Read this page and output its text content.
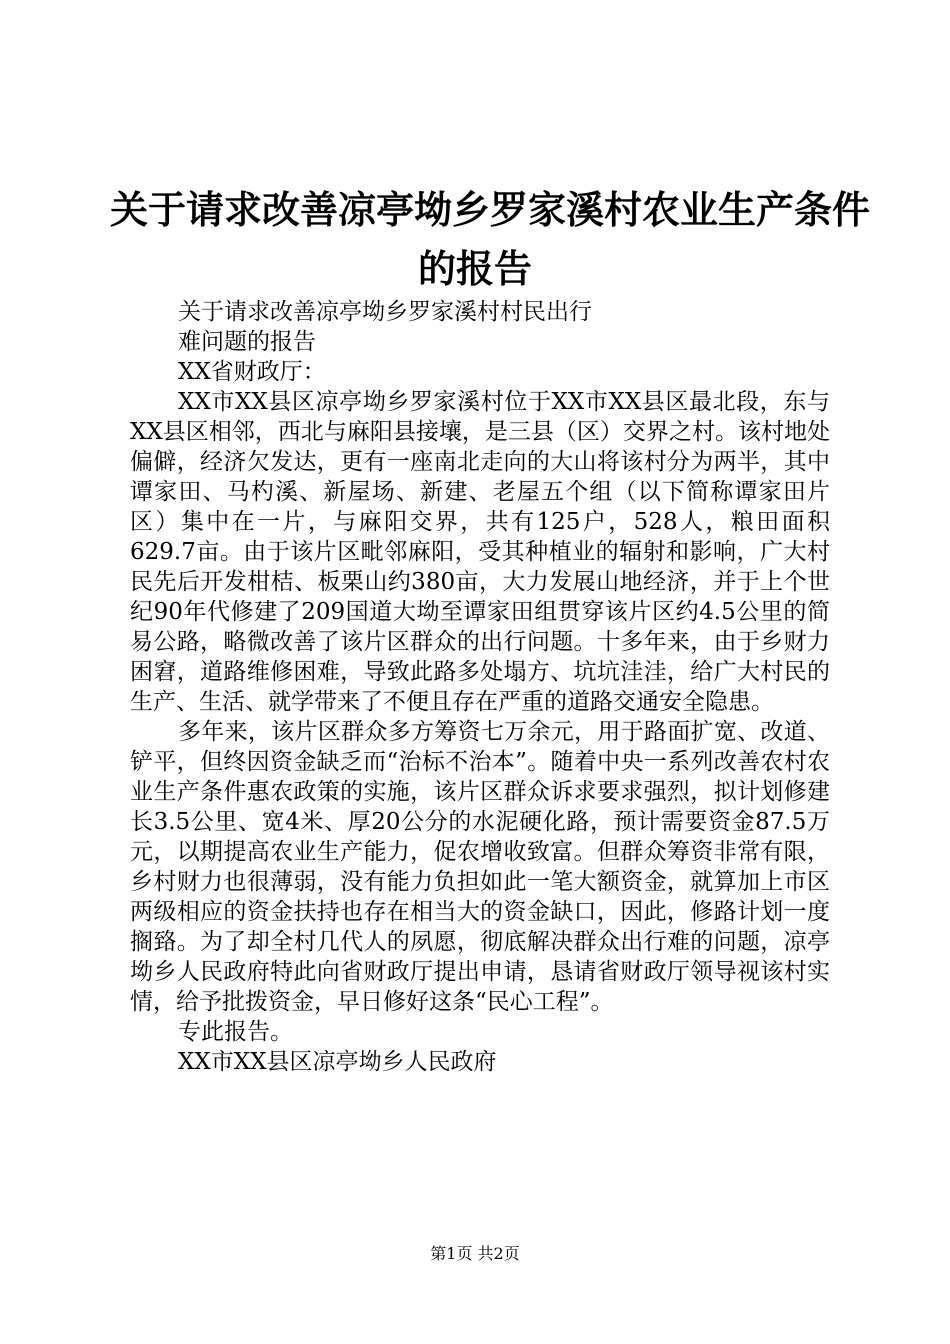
关于请求改善凉亭坳乡罗家溪村农业生产条件
的报告

关于请求改善凉亭坳乡罗家溪村村民出行

难问题的报告

XX省财政厅：

XX市XX县区凉亭坳乡罗家溪村位于XX市XX县区最北段，东与XX县区相邻，西北与麻阳县接壤，是三县（区）交界之村。该村地处偏僻，经济欠发达，更有一座南北走向的大山将该村分为两半，其中谭家田、马杓溪、新屋场、新建、老屋五个组（以下简称谭家田片区）集中在一片，与麻阳交界，共有125户，528人，粮田面积629.7亩。由于该片区毗邻麻阳，受其种植业的辐射和影响，广大村民先后开发柑桔、板栗山约380亩，大力发展山地经济，并于上个世纪90年代修建了209国道大坳至谭家田组贯穿该片区约4.5公里的简易公路，略微改善了该片区群众的出行问题。十多年来，由于乡财力困窘，道路维修困难，导致此路多处塌方、坑坑洼洼，给广大村民的生产、生活、就学带来了不便且存在严重的道路交通安全隐患。

多年来，该片区群众多方筹资七万余元，用于路面扩宽、改道、铲平，但终因资金缺乏而“治标不治本”。随着中央一系列改善农村农业生产条件惠农政策的实施，该片区群众诉求要求强烈，拟计划修建长3.5公里、宽4米、厚20公分的水泥硬化路，预计需要资金87.5万元，以期提高农业生产能力，促农增收致富。但群众筹资非常有限，乡村财力也很薄弱，没有能力负担如此一笔大额资金，就算加上市区两级相应的资金扶持也存在相当大的资金缺口，因此，修路计划一度搁臵。为了却全村几代人的夙愿，彻底解决群众出行难的问题，凉亭坳乡人民政府特此向省财政厅提出申请，恳请省财政厅领导视该村实情，给予批拨资金，早日修好这条“民心工程”。

专此报告。

XX市XX县区凉亭坳乡人民政府

第1页 共2页
